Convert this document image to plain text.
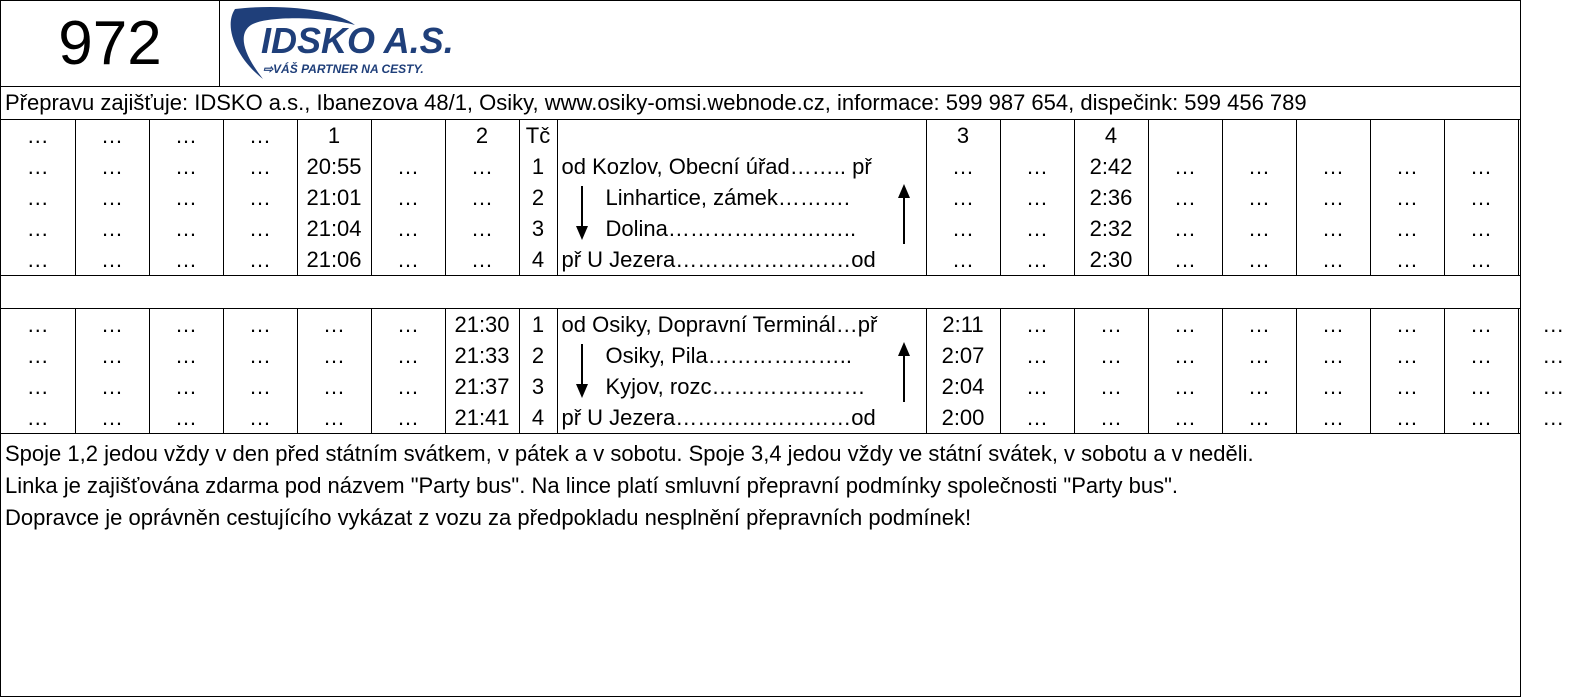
972	IDSKO A.S.
⇨VÁŠ PARTNER NA CESTY.
Přepravu zajišťuje: IDSKO a.s., Ibanezova 48/1, Osiky, www.osiky-omsi.webnode.cz, informace: 599 987 654, dispečink: 599 456 789
…	…	…	…	1		2	Tč		3		4						
…	…	…	…	20:55	…	…	1	od Kozlov, Obecní úřad…….. př	…	…	2:42	…	…	…	…	…	
…	…	…	…	21:01	…	…	2	Linhartice, zámek……….	…	…	2:36	…	…	…	…	…	
…	…	…	…	21:04	…	…	3	Dolina……………………..	…	…	2:32	…	…	…	…	…	
…	…	…	…	21:06	…	…	4	př U Jezera……………………od	…	…	2:30	…	…	…	…	…	
…	…	…	…	…	…	21:30	1	od Osiky, Dopravní Terminál…př	2:11	…	…	…	…	…	…	…	…
…	…	…	…	…	…	21:33	2	Osiky, Pila………………..	2:07	…	…	…	…	…	…	…	…
…	…	…	…	…	…	21:37	3	Kyjov, rozc…………………	2:04	…	…	…	…	…	…	…	…
…	…	…	…	…	…	21:41	4	př U Jezera……………………od	2:00	…	…	…	…	…	…	…	…
Spoje 1,2 jedou vždy v den před státním svátkem, v pátek a v sobotu. Spoje 3,4 jedou vždy ve státní svátek, v sobotu a v neděli.
Linka je zajišťována zdarma pod názvem "Party bus". Na lince platí smluvní přepravní podmínky společnosti "Party bus".
Dopravce je oprávněn cestujícího vykázat z vozu za předpokladu nesplnění přepravních podmínek!
